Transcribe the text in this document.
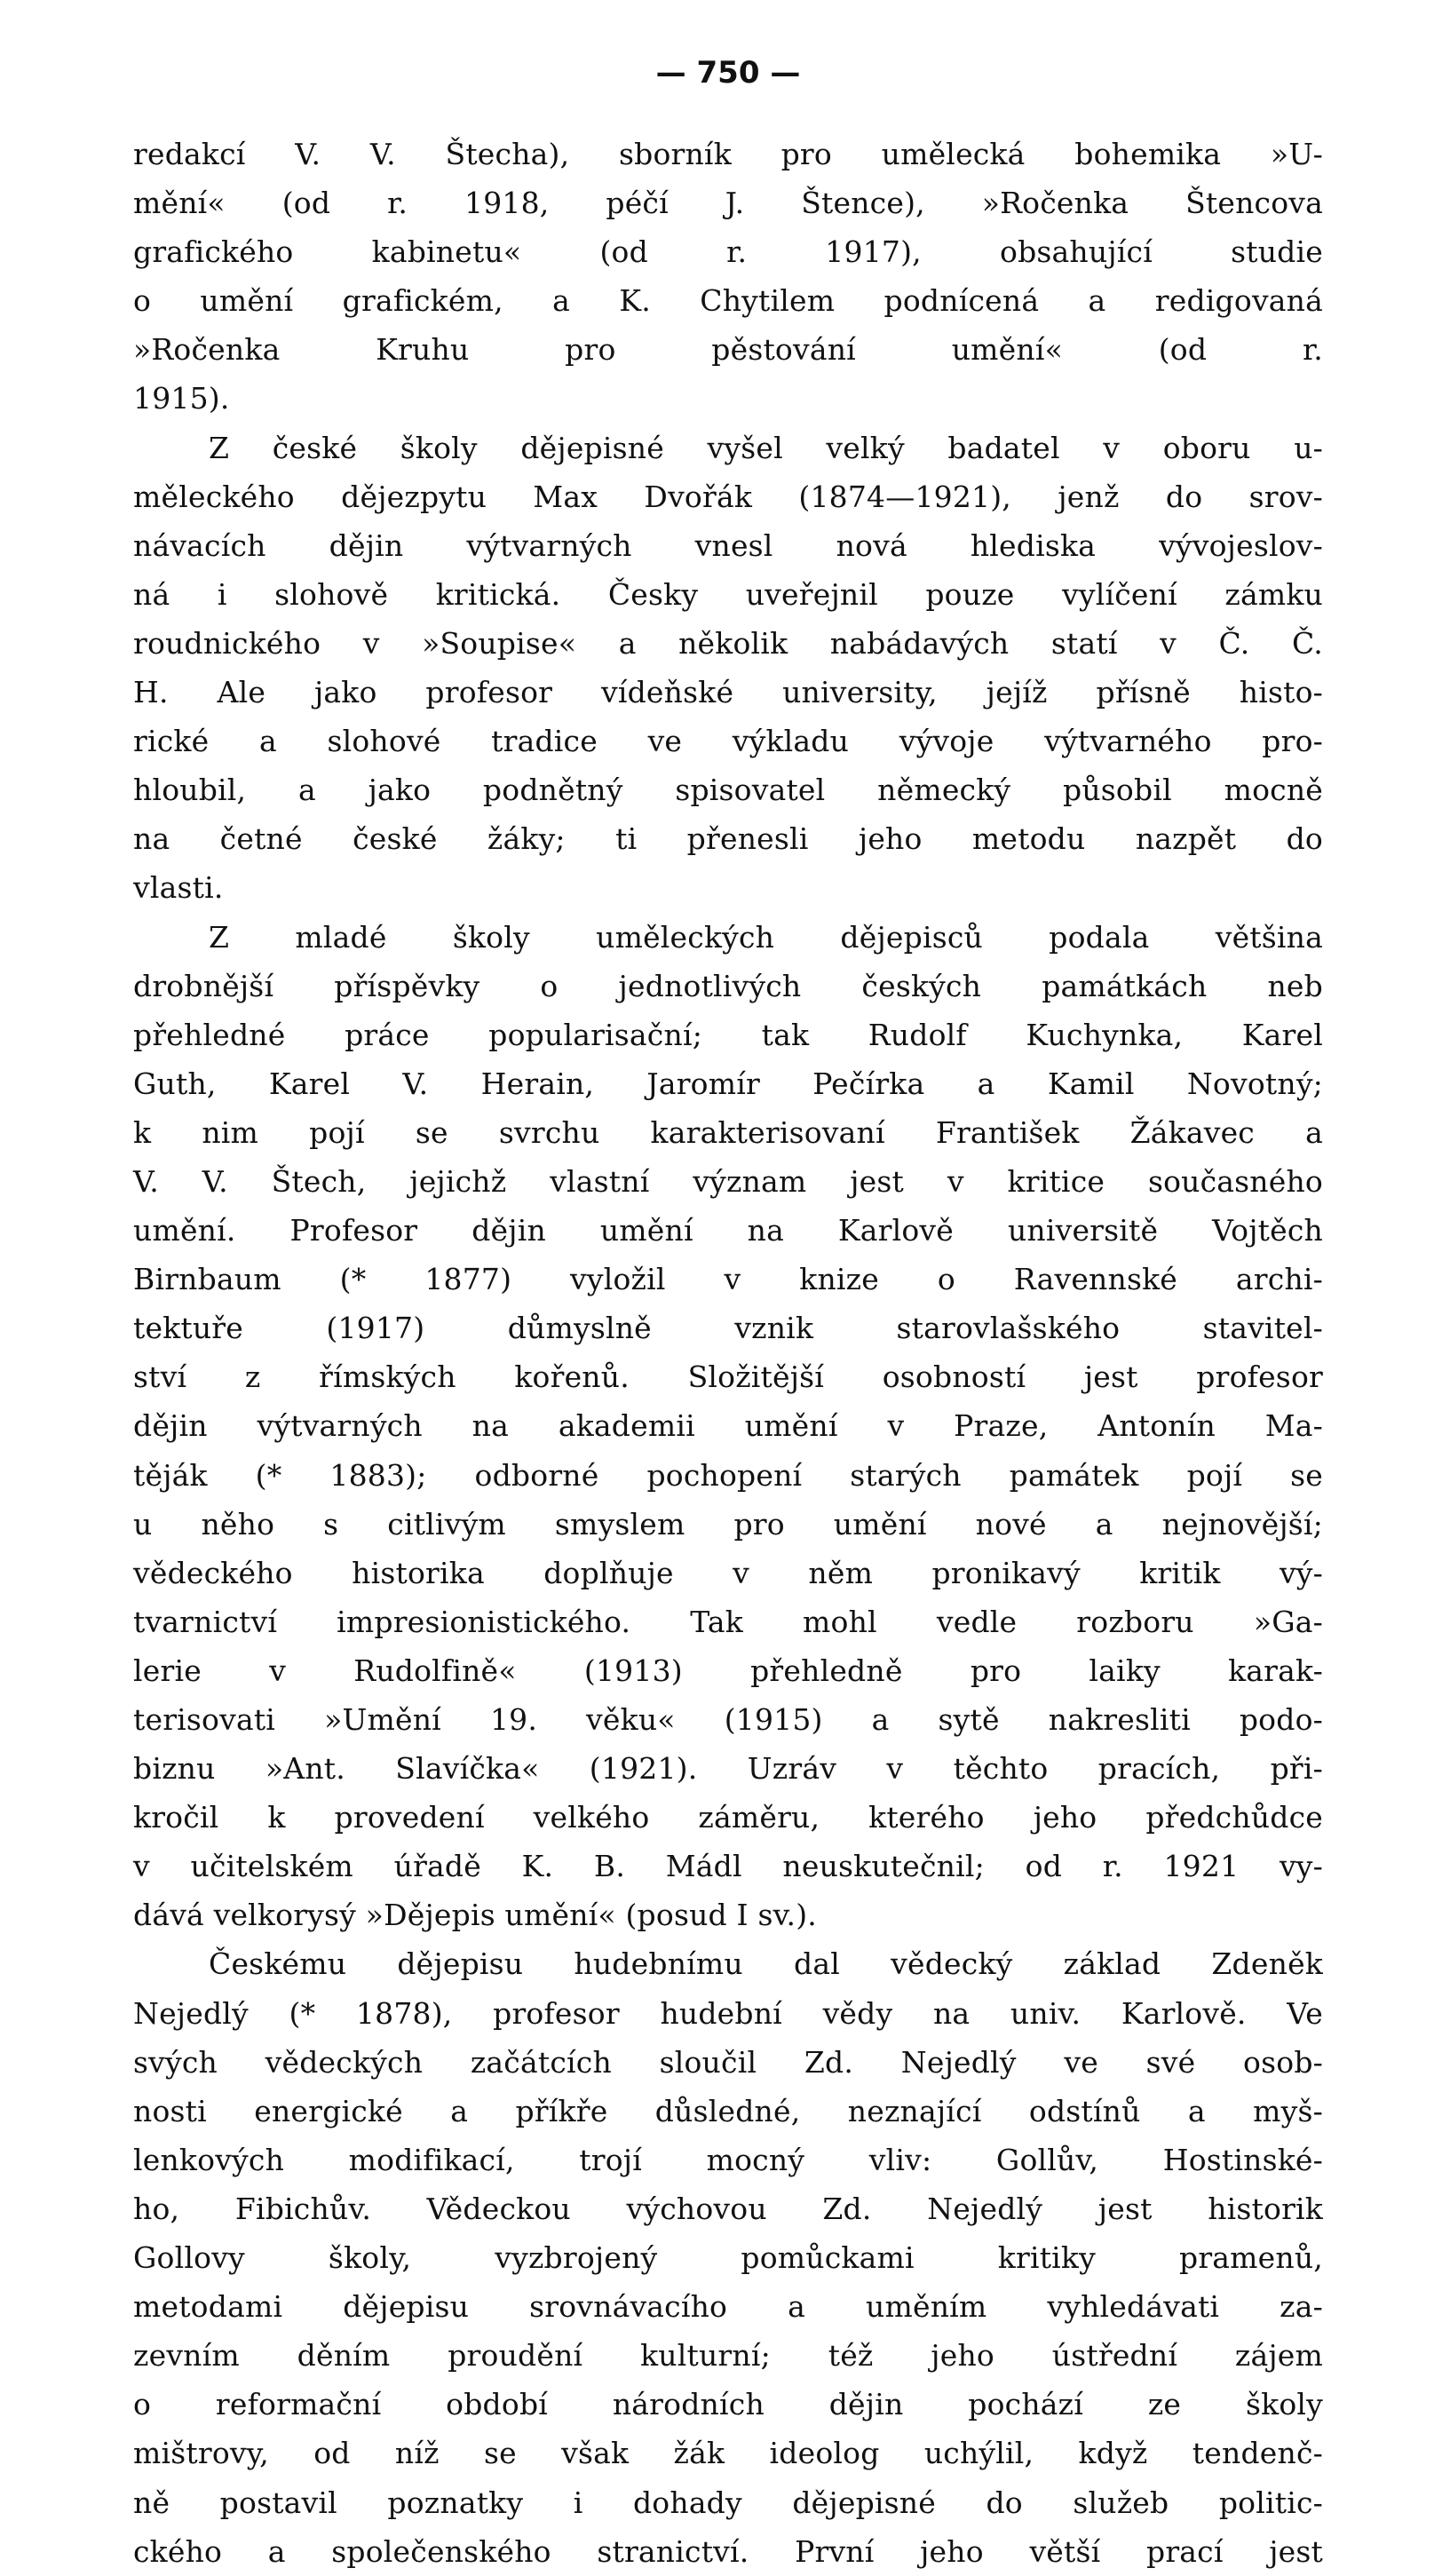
— 750 —
redakcí V. V. Štecha), sborník pro umělecká bohemika »U-
mění« (od r. 1918, péčí J. Štence), »Ročenka Štencova
grafického kabinetu« (od r. 1917), obsahující studie
o umění grafickém, a K. Chytilem podnícená a redigovaná
»Ročenka Kruhu pro pěstování umění« (od r.
1915).
Z české školy dějepisné vyšel velký badatel v oboru u-
měleckého dějezpytu Max Dvořák (1874—1921), jenž do srov-
návacích dějin výtvarných vnesl nová hlediska vývojeslov-
ná i slohově kritická. Česky uveřejnil pouze vylíčení zámku
roudnického v »Soupise« a několik nabádavých statí v Č. Č.
H. Ale jako profesor vídeňské university, jejíž přísně histo-
rické a slohové tradice ve výkladu vývoje výtvarného pro-
hloubil, a jako podnětný spisovatel německý působil mocně
na četné české žáky; ti přenesli jeho metodu nazpět do
vlasti.
Z mladé školy uměleckých dějepisců podala většina
drobnější příspěvky o jednotlivých českých památkách neb
přehledné práce popularisační; tak Rudolf Kuchynka, Karel
Guth, Karel V. Herain, Jaromír Pečírka a Kamil Novotný;
k nim pojí se svrchu karakterisovaní František Žákavec a
V. V. Štech, jejichž vlastní význam jest v kritice současného
umění. Profesor dějin umění na Karlově universitě Vojtěch
Birnbaum (* 1877) vyložil v knize o Ravennské archi-
tektuře (1917) důmyslně vznik starovlašského stavitel-
ství z římských kořenů. Složitější osobností jest profesor
dějin výtvarných na akademii umění v Praze, Antonín Ma-
těják (* 1883); odborné pochopení starých památek pojí se
u něho s citlivým smyslem pro umění nové a nejnovější;
vědeckého historika doplňuje v něm pronikavý kritik vý-
tvarnictví impresionistického. Tak mohl vedle rozboru »Ga-
lerie v Rudolfině« (1913) přehledně pro laiky karak-
terisovati »Umění 19. věku« (1915) a sytě nakresliti podo-
biznu »Ant. Slavíčka« (1921). Uzráv v těchto pracích, při-
kročil k provedení velkého záměru, kterého jeho předchůdce
v učitelském úřadě K. B. Mádl neuskutečnil; od r. 1921 vy-
dává velkorysý »Dějepis umění« (posud I sv.).
Českému dějepisu hudebnímu dal vědecký základ Zdeněk
Nejedlý (* 1878), profesor hudební vědy na univ. Karlově. Ve
svých vědeckých začátcích sloučil Zd. Nejedlý ve své osob-
nosti energické a příkře důsledné, neznající odstínů a myš-
lenkových modifikací, trojí mocný vliv: Gollův, Hostinské-
ho, Fibichův. Vědeckou výchovou Zd. Nejedlý jest historik
Gollovy školy, vyzbrojený pomůckami kritiky pramenů,
metodami dějepisu srovnávacího a uměním vyhledávati za-
zevním děním proudění kulturní; též jeho ústřední zájem
o reformační období národních dějin pochází ze školy
mištrovy, od níž se však žák ideolog uchýlil, když tendenč-
ně postavil poznatky i dohady dějepisné do služeb politic-
ckého a společenského stranictví. První jeho větší prací jest
